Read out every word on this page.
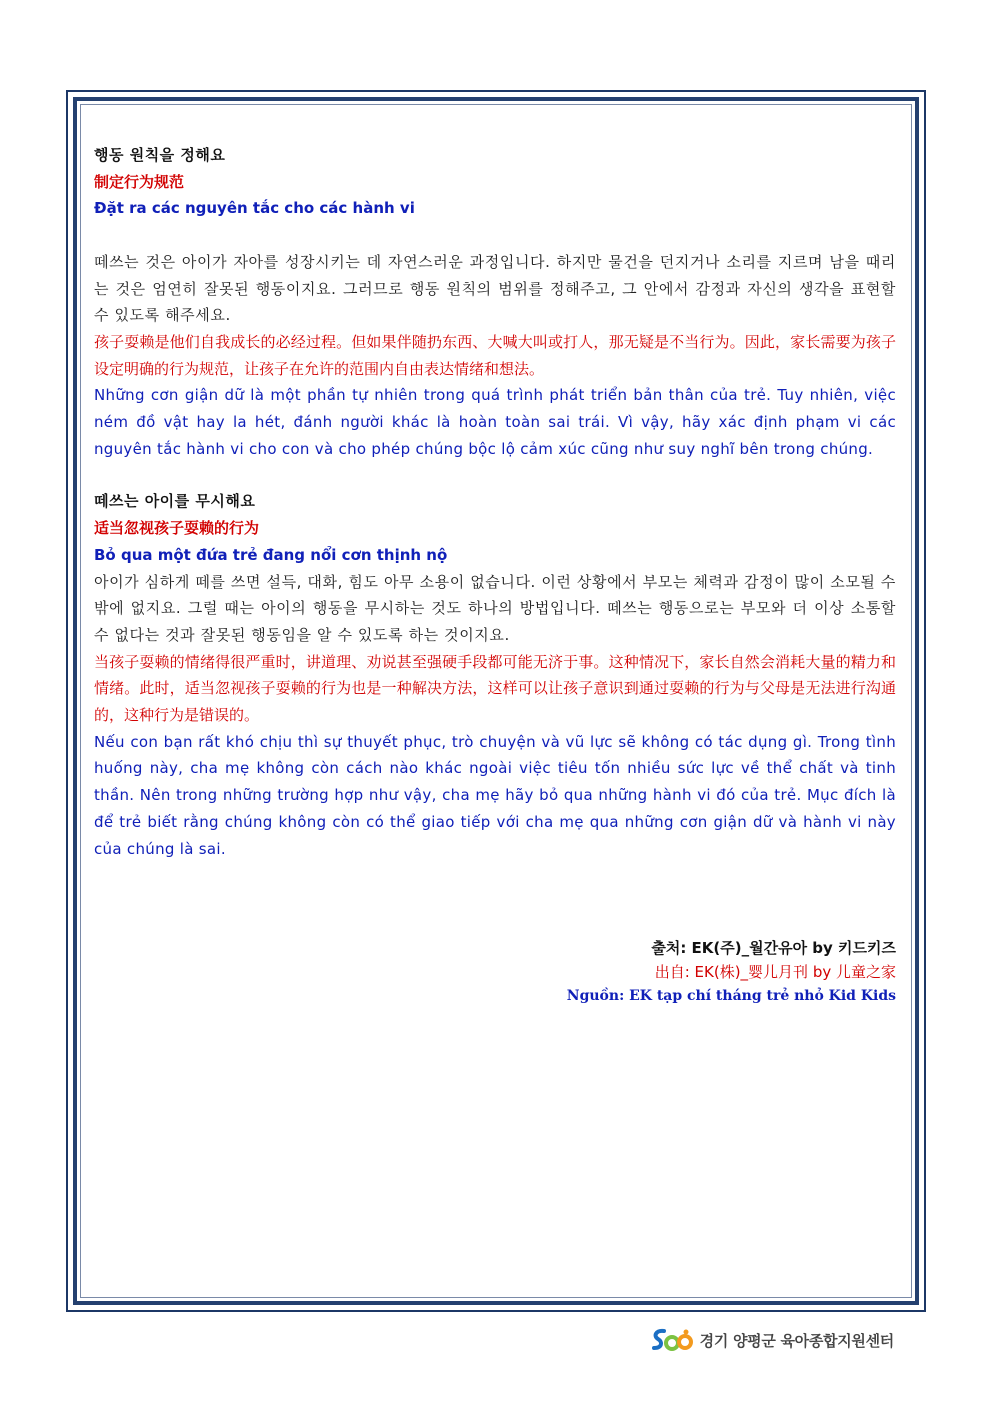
행동 원칙을 정해요
制定行为规范
Đặt ra các nguyên tắc cho các hành vi

떼쓰는 것은 아이가 자아를 성장시키는 데 자연스러운 과정입니다. 하지만 물건을 던지거나 소리를 지르며 남을 때리는 것은 엄연히 잘못된 행동이지요. 그러므로 행동 원칙의 범위를 정해주고, 그 안에서 감정과 자신의 생각을 표현할 수 있도록 해주세요.

孩子耍赖是他们自我成长的必经过程。但如果伴随扔东西、大喊大叫或打人，那无疑是不当行为。因此，家长需要为孩子设定明确的行为规范，让孩子在允许的范围内自由表达情绪和想法。

Những cơn giận dữ là một phần tự nhiên trong quá trình phát triển bản thân của trẻ. Tuy nhiên, việc ném đồ vật hay la hét, đánh người khác là hoàn toàn sai trái. Vì vậy, hãy xác định phạm vi các nguyên tắc hành vi cho con và cho phép chúng bộc lộ cảm xúc cũng như suy nghĩ bên trong chúng.

떼쓰는 아이를 무시해요
适当忽视孩子耍赖的行为
Bỏ qua một đứa trẻ đang nổi cơn thịnh nộ

아이가 심하게 떼를 쓰면 설득, 대화, 힘도 아무 소용이 없습니다. 이런 상황에서 부모는 체력과 감정이 많이 소모될 수밖에 없지요. 그럴 때는 아이의 행동을 무시하는 것도 하나의 방법입니다. 떼쓰는 행동으로는 부모와 더 이상 소통할 수 없다는 것과 잘못된 행동임을 알 수 있도록 하는 것이지요.

当孩子耍赖的情绪得很严重时，讲道理、劝说甚至强硬手段都可能无济于事。这种情况下，家长自然会消耗大量的精力和情绪。此时，适当忽视孩子耍赖的行为也是一种解决方法，这样可以让孩子意识到通过耍赖的行为与父母是无法进行沟通的，这种行为是错误的。

Nếu con bạn rất khó chịu thì sự thuyết phục, trò chuyện và vũ lực sẽ không có tác dụng gì. Trong tình huống này, cha mẹ không còn cách nào khác ngoài việc tiêu tốn nhiều sức lực về thể chất và tinh thần. Nên trong những trường hợp như vậy, cha mẹ hãy bỏ qua những hành vi đó của trẻ. Mục đích là để trẻ biết rằng chúng không còn có thể giao tiếp với cha mẹ qua những cơn giận dữ và hành vi này của chúng là sai.

출처: EK(주)_월간유아 by 키드키즈
出自: EK(株)_婴儿月刊 by 儿童之家
Nguồn: EK tạp chí tháng trẻ nhỏ Kid Kids
경기 양평군 육아종합지원센터
